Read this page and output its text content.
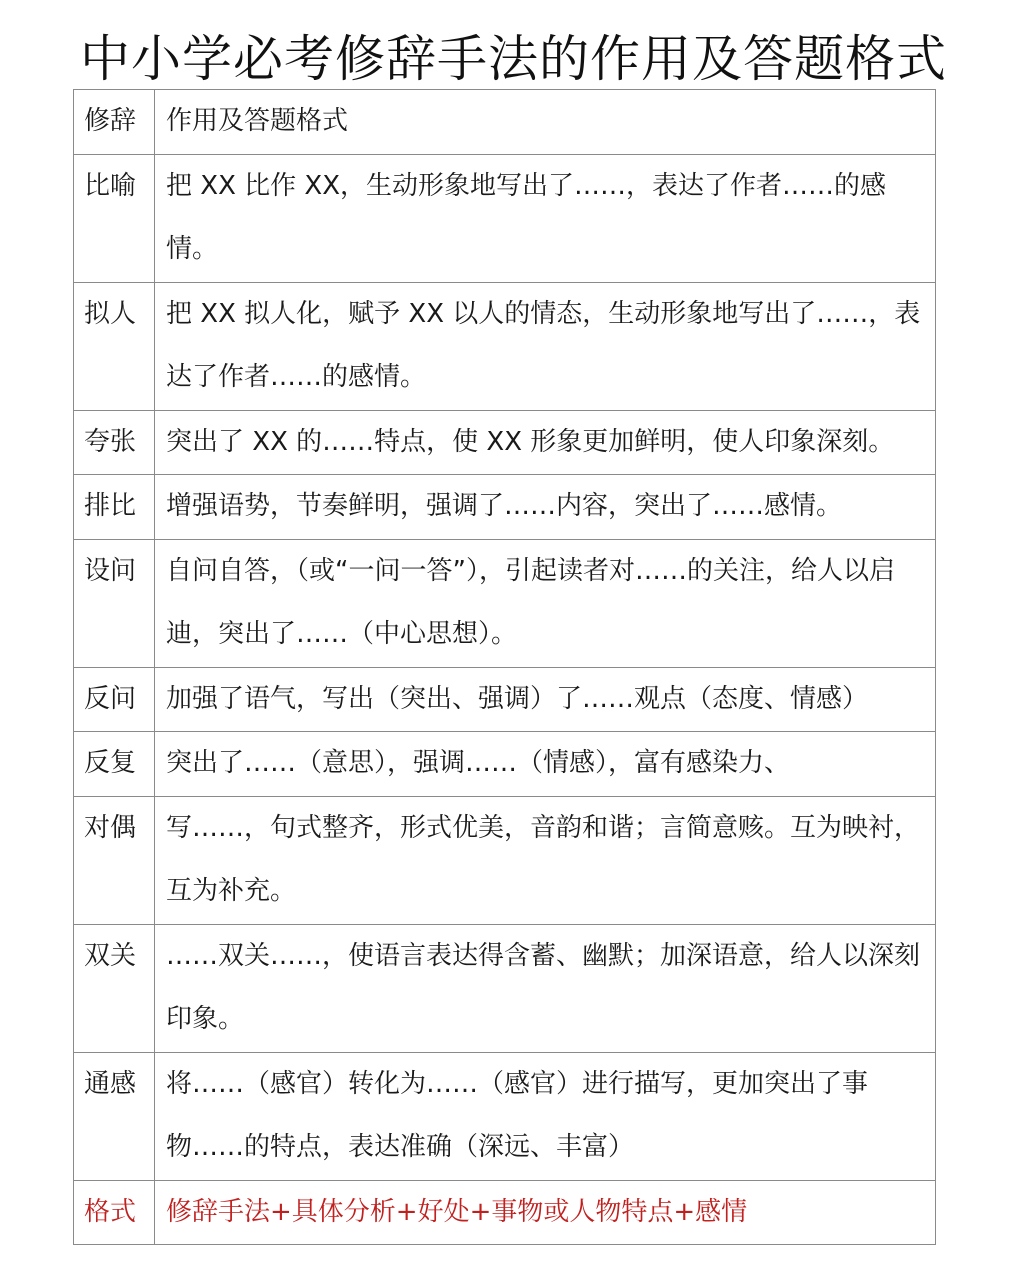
中小学必考修辞手法的作用及答题格式
修辞	作用及答题格式
比喻	把 XX 比作 XX，生动形象地写出了……，表达了作者……的感情。
拟人	把 XX 拟人化，赋予 XX 以人的情态，生动形象地写出了……，表达了作者……的感情。
夸张	突出了 XX 的……特点，使 XX 形象更加鲜明，使人印象深刻。
排比	增强语势，节奏鲜明，强调了……内容，突出了……感情。
设问	自问自答，（或“一问一答”），引起读者对……的关注，给人以启迪，突出了……（中心思想）。
反问	加强了语气，写出（突出、强调）了……观点（态度、情感）
反复	突出了……（意思），强调……（情感），富有感染力、
对偶	写……，句式整齐，形式优美，音韵和谐；言简意赅。互为映衬，互为补充。
双关	……双关……，使语言表达得含蓄、幽默；加深语意，给人以深刻印象。
通感	将……（感官）转化为……（感官）进行描写，更加突出了事物……的特点，表达准确（深远、丰富）
格式	修辞手法+具体分析+好处+事物或人物特点+感情
